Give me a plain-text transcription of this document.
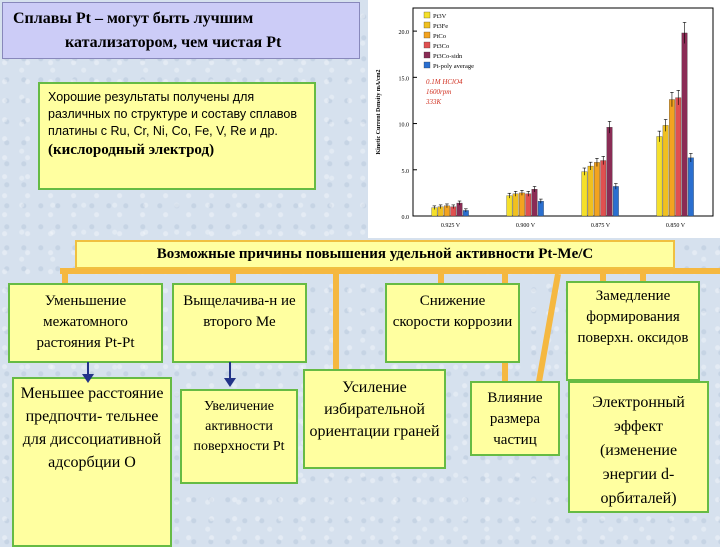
Сплавы Pt – могут быть лучшим
катализатором, чем чистая Pt
Хорошие результаты получены для различных по структуре и составу сплавов платины с Ru, Cr, Ni, Co, Fe, V, Re и др.
(кислородный электрод)
0.0
5.0
10.0
15.0
20.0
Kinetic Current Density mA/cm2
0.925 V	0.900 V	0.875 V	0.850 V
Pt3V
Pt3Fe
PtCo
Pt3Co
Pt3Co-sidn
Pt-poly average
0.1M HClO4
1600rpm
333K
Возможные причины повышения удельной активности Pt-Me/C
Уменьшение межатомного растояния Pt-Pt
Выщелачива-н ие второго Ме
Снижение скорости коррозии
Замедление формирования поверхн. оксидов
Меньшее расстояние предпочти- тельнее для диссоциативной адсорбции О
Увеличение активности поверхности Pt
Усиление избирательной ориентации граней
Влияние размера частиц
Электронный эффект (изменение энергии d-орбиталей)
